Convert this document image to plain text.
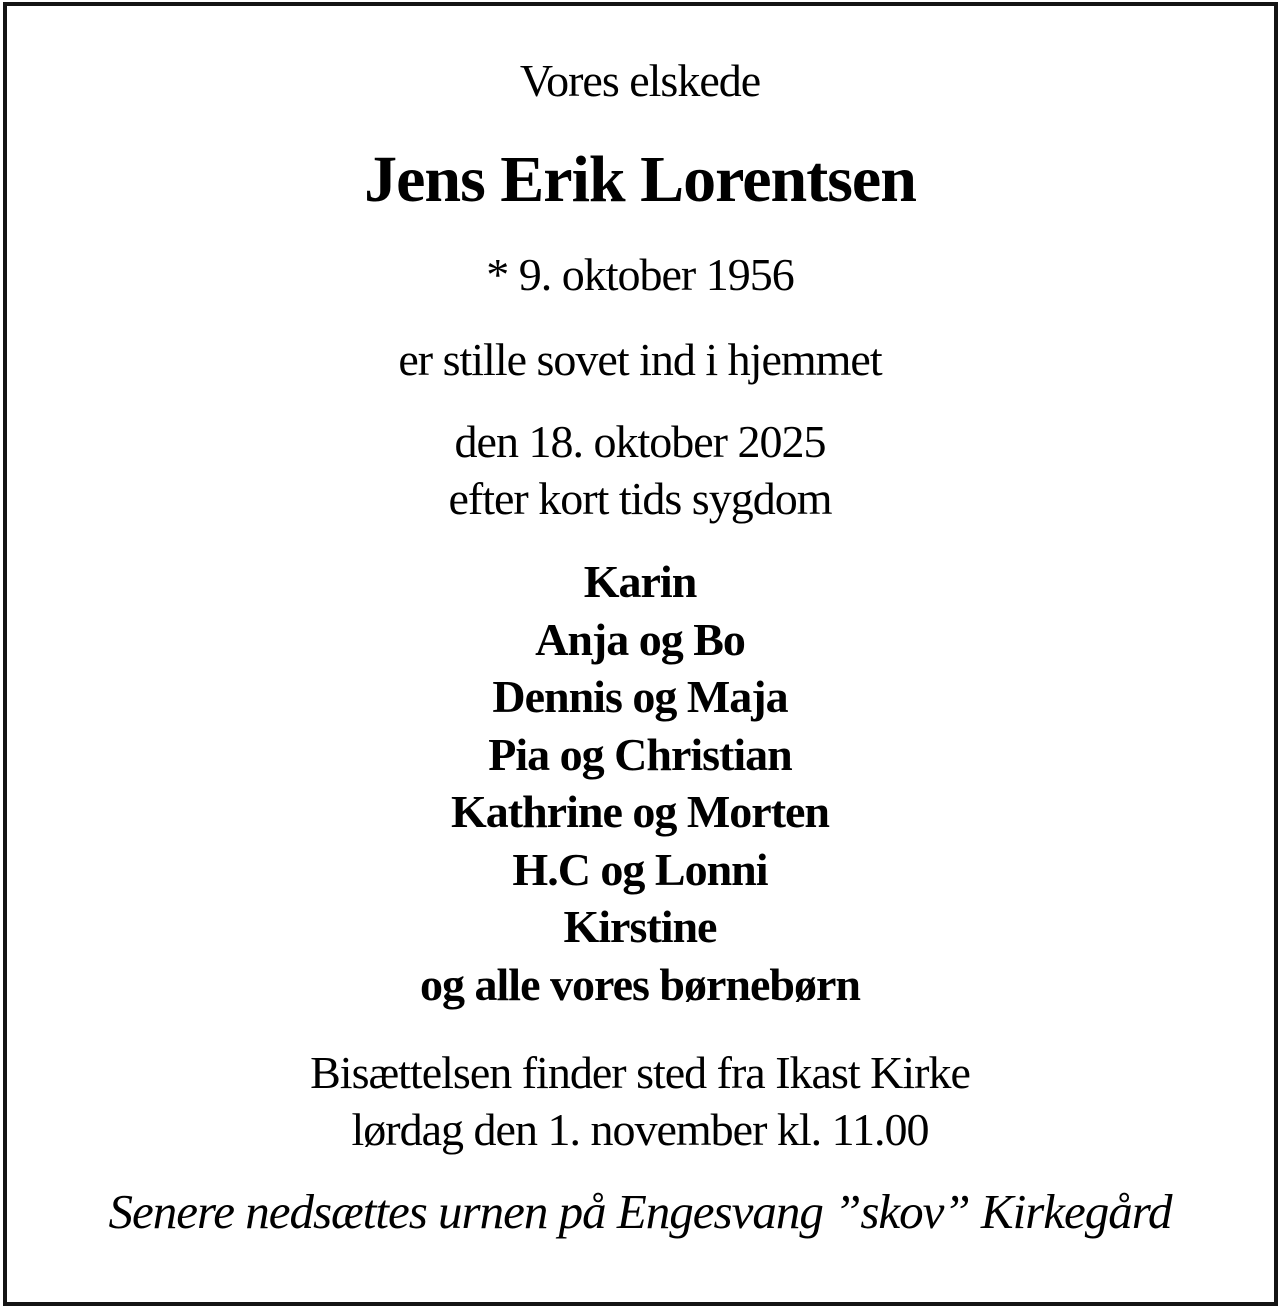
Vores elskede
Jens Erik Lorentsen
* 9. oktober 1956
er stille sovet ind i hjemmet
den 18. oktober 2025
efter kort tids sygdom
Karin
Anja og Bo
Dennis og Maja
Pia og Christian
Kathrine og Morten
H.C og Lonni
Kirstine
og alle vores børnebørn
Bisættelsen finder sted fra Ikast Kirke
lørdag den 1. november kl. 11.00
Senere nedsættes urnen på Engesvang ”skov” Kirkegård
